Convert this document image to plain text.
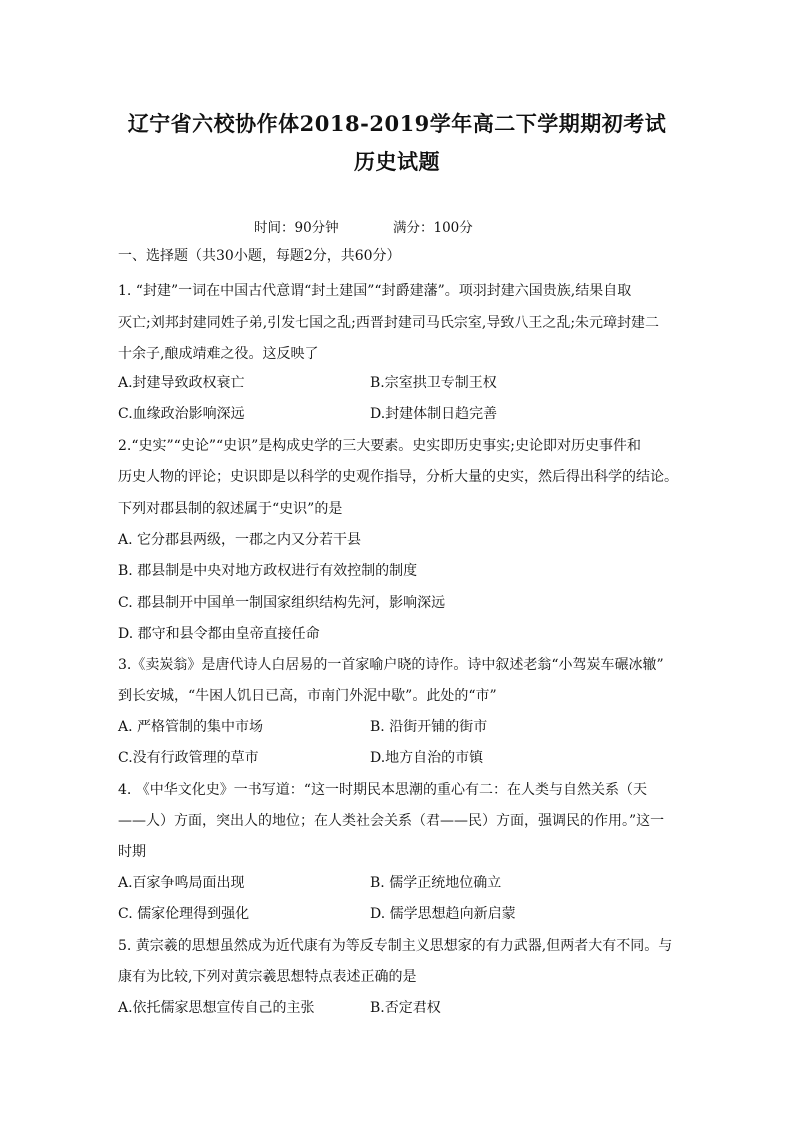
辽宁省六校协作体2018-2019学年高二下学期期初考试
历史试题
时间：90分钟	满分：100分
一、选择题（共30小题，每题2分，共60分）
1. “封建”一词在中国古代意谓“封土建国”“封爵建藩”。项羽封建六国贵族,结果自取
灭亡;刘邦封建同姓子弟,引发七国之乱;西晋封建司马氏宗室,导致八王之乱;朱元璋封建二
十余子,酿成靖难之役。这反映了
A.封建导致政权衰亡	B.宗室拱卫专制王权
C.血缘政治影响深远	D.封建体制日趋完善
2.“史实”“史论”“史识”是构成史学的三大要素。史实即历史事实;史论即对历史事件和
历史人物的评论；史识即是以科学的史观作指导，分析大量的史实，然后得出科学的结论。
下列对郡县制的叙述属于“史识”的是
A. 它分郡县两级，一郡之内又分若干县
B. 郡县制是中央对地方政权进行有效控制的制度
C. 郡县制开中国单一制国家组织结构先河，影响深远
D. 郡守和县令都由皇帝直接任命
3.《卖炭翁》是唐代诗人白居易的一首家喻户晓的诗作。诗中叙述老翁“小驾炭车碾冰辙”
到长安城，“牛困人饥日已高，市南门外泥中歇”。此处的“市”
A. 严格管制的集中市场	B. 沿街开铺的街市
C.没有行政管理的草市	D.地方自治的市镇
4. 《中华文化史》一书写道：“这一时期民本思潮的重心有二：在人类与自然关系（天
——人）方面，突出人的地位；在人类社会关系（君——民）方面，强调民的作用。”这一
时期
A.百家争鸣局面出现	B. 儒学正统地位确立
C. 儒家伦理得到强化	D. 儒学思想趋向新启蒙
5. 黄宗羲的思想虽然成为近代康有为等反专制主义思想家的有力武器,但两者大有不同。与
康有为比较,下列对黄宗羲思想特点表述正确的是
A.依托儒家思想宣传自己的主张	B.否定君权
